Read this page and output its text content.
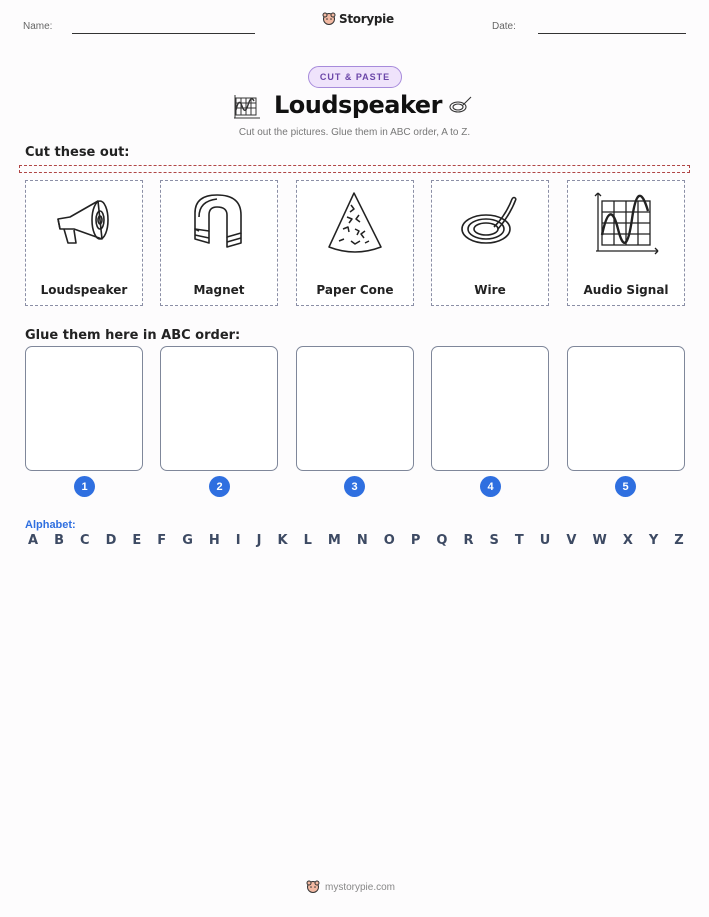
Name:
Storypie
Date:
CUT & PASTE
Loudspeaker
Cut out the pictures. Glue them in ABC order, A to Z.
Cut these out:
Loudspeaker	Magnet	Paper Cone	Wire	Audio Signal
Glue them here in ABC order:
1	2	3	4	5
Alphabet:
A B C D E F G H I J K L M N O P Q R S T U V W X Y Z
mystorypie.com
